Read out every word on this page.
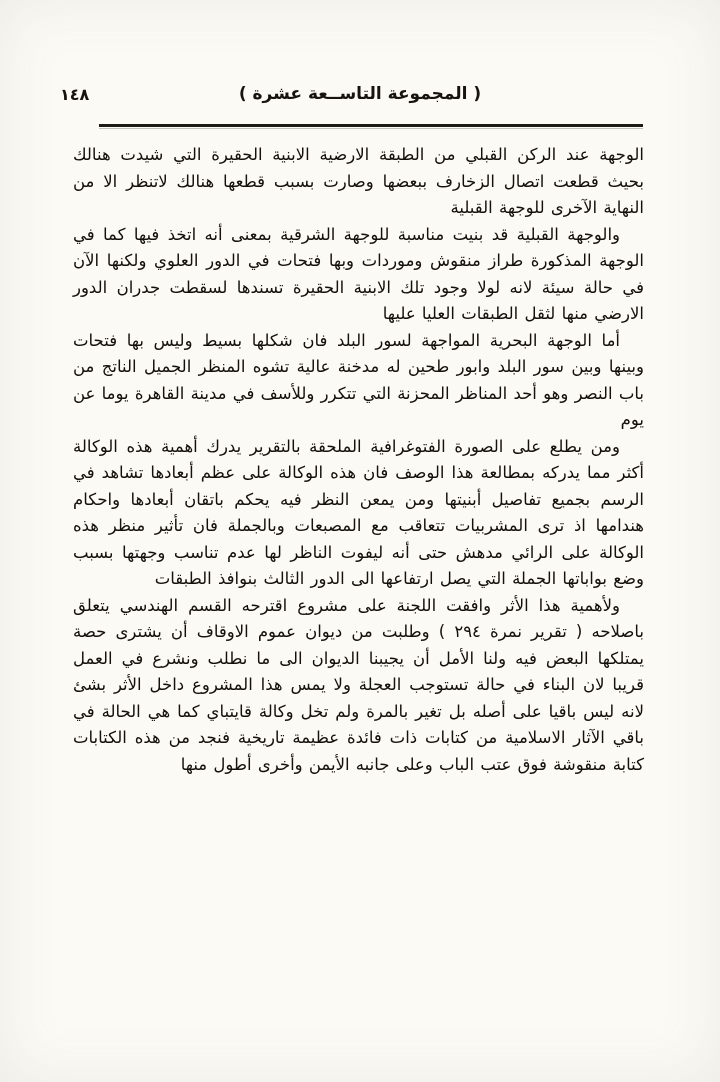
( المجموعة التاســعة عشرة )
١٤٨

الوجهة عند الركن القبلي من الطبقة الارضية الابنية الحقيرة التي شيدت هنالك بحيث قطعت اتصال الزخارف ببعضها وصارت بسبب قطعها هنالك لاتنظر الا من النهاية الآخرى للوجهة القبلية

والوجهة القبلية قد بنيت مناسبة للوجهة الشرقية بمعنى أنه اتخذ فيها كما في الوجهة المذكورة طراز منقوش وموردات وبها فتحات في الدور العلوي ولكنها الآن في حالة سيئة لانه لولا وجود تلك الابنية الحقيرة تسندها لسقطت جدران الدور الارضي منها لثقل الطبقات العليا عليها

أما الوجهة البحرية المواجهة لسور البلد فان شكلها بسيط وليس بها فتحات وبينها وبين سور البلد وابور طحين له مدخنة عالية تشوه المنظر الجميل الناتج من باب النصر وهو أحد المناظر المحزنة التي تتكرر وللأسف في مدينة القاهرة يوما عن يوم

ومن يطلع على الصورة الفتوغرافية الملحقة بالتقرير يدرك أهمية هذه الوكالة أكثر مما يدركه بمطالعة هذا الوصف فان هذه الوكالة على عظم أبعادها تشاهد في الرسم بجميع تفاصيل أبنيتها ومن يمعن النظر فيه يحكم باتقان أبعادها واحكام هندامها اذ ترى المشربيات تتعاقب مع المصبعات وبالجملة فان تأثير منظر هذه الوكالة على الرائي مدهش حتى أنه ليفوت الناظر لها عدم تناسب وجهتها بسبب وضع بواباتها الجملة التي يصل ارتفاعها الى الدور الثالث بنوافذ الطبقات

ولأهمية هذا الأثر وافقت اللجنة على مشروع اقترحه القسم الهندسي يتعلق باصلاحه ( تقرير نمرة ٢٩٤ ) وطلبت من ديوان عموم الاوقاف أن يشترى حصة يمتلكها البعض فيه ولنا الأمل أن يجيبنا الديوان الى ما نطلب ونشرع في العمل قريبا لان البناء في حالة تستوجب العجلة ولا يمس هذا المشروع داخل الأثر بشئ لانه ليس باقيا على أصله بل تغير بالمرة ولم تخل وكالة قايتباي كما هي الحالة في باقي الآثار الاسلامية من كتابات ذات فائدة عظيمة تاريخية فنجد من هذه الكتابات كتابة منقوشة فوق عتب الباب وعلى جانبه الأيمن وأخرى أطول منها
